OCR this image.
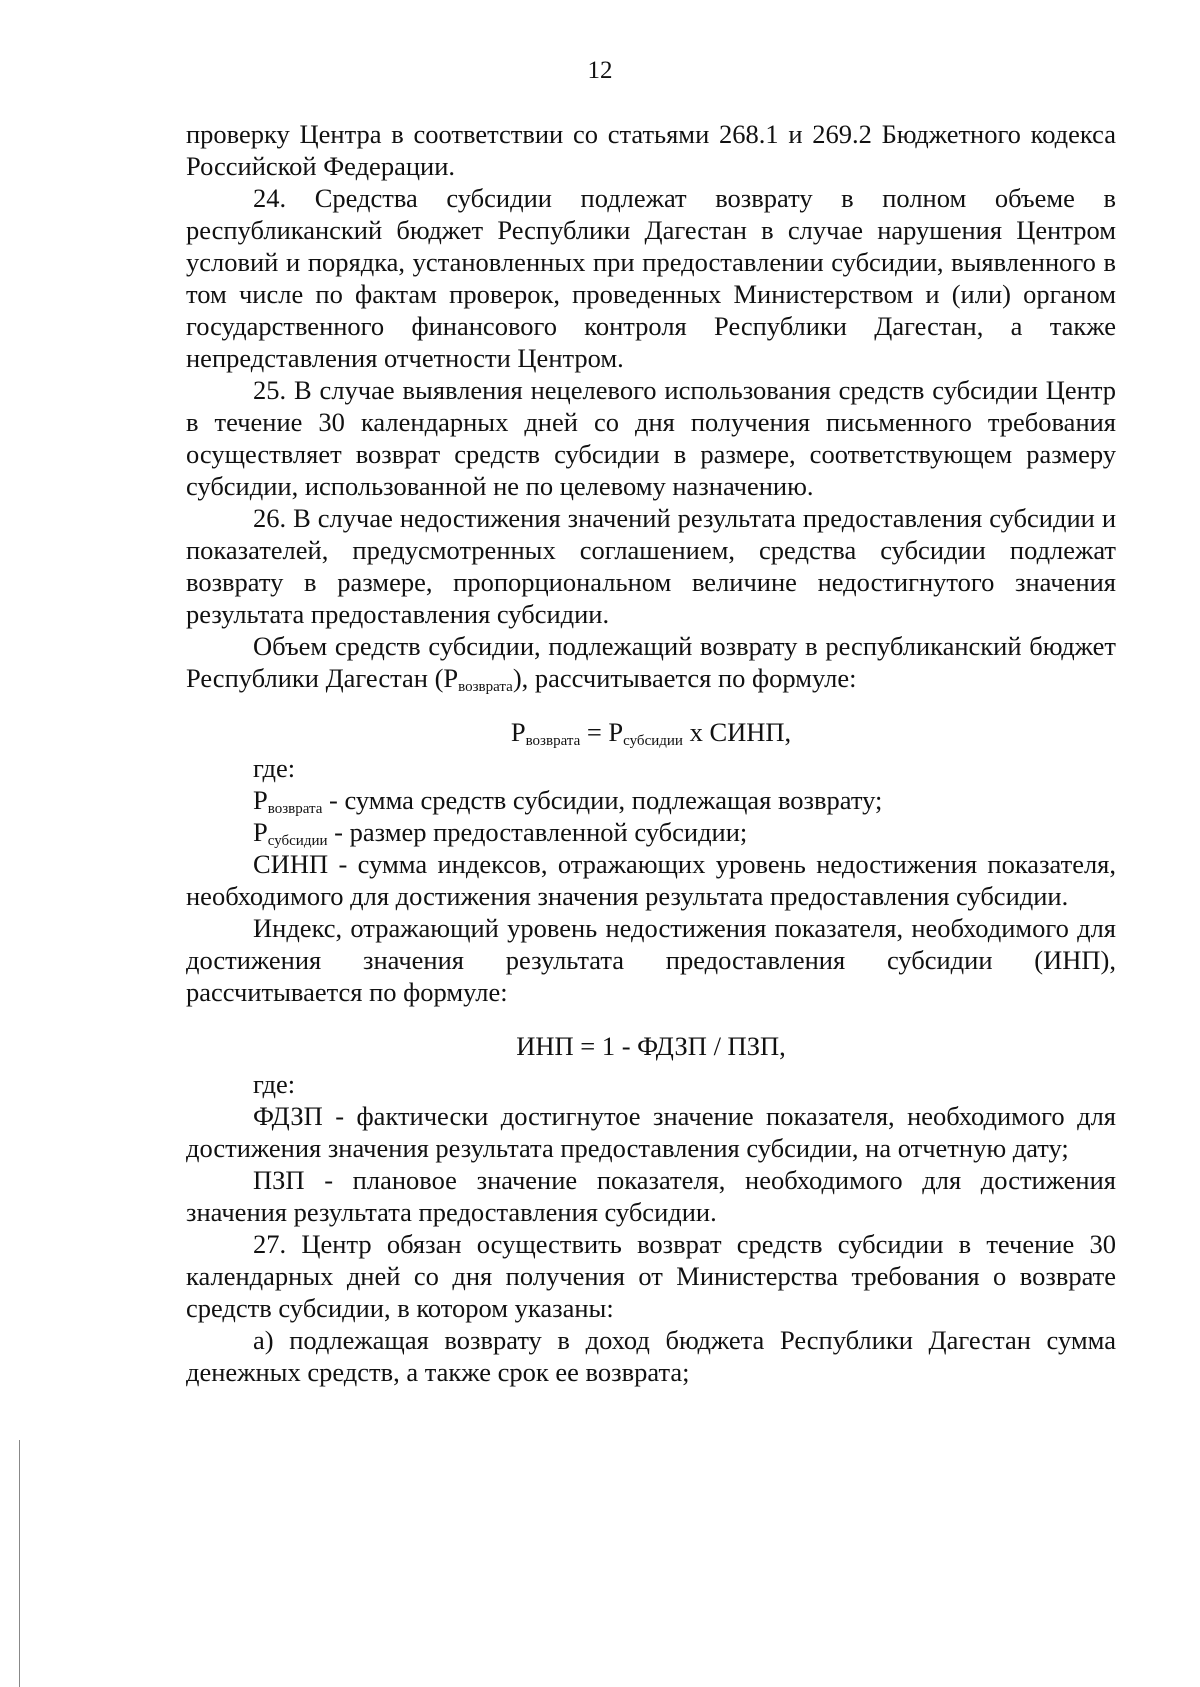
12

проверку Центра в соответствии со статьями 268.1 и 269.2 Бюджетного кодекса Российской Федерации.

24. Средства субсидии подлежат возврату в полном объеме в республиканский бюджет Республики Дагестан в случае нарушения Центром условий и порядка, установленных при предоставлении субсидии, выявленного в том числе по фактам проверок, проведенных Министерством и (или) органом государственного финансового контроля Республики Дагестан, а также непредставления отчетности Центром.

25. В случае выявления нецелевого использования средств субсидии Центр в течение 30 календарных дней со дня получения письменного требования осуществляет возврат средств субсидии в размере, соответствующем размеру субсидии, использованной не по целевому назначению.

26. В случае недостижения значений результата предоставления субсидии и показателей, предусмотренных соглашением, средства субсидии подлежат возврату в размере, пропорциональном величине недостигнутого значения результата предоставления субсидии.

Объем средств субсидии, подлежащий возврату в республиканский бюджет Республики Дагестан $(Р_{возврата})$, рассчитывается по формуле:

$Р_{возврата} = Р_{субсидии}$ х СИНП,

где:

$Р_{возврата}$ - сумма средств субсидии, подлежащая возврату;

$Р_{субсидии}$ - размер предоставленной субсидии;

СИНП - сумма индексов, отражающих уровень недостижения показателя, необходимого для достижения значения результата предоставления субсидии.

Индекс, отражающий уровень недостижения показателя, необходимого для достижения значения результата предоставления субсидии (ИНП), рассчитывается по формуле:

ИНП = 1 - ФДЗП / ПЗП,

где:

ФДЗП - фактически достигнутое значение показателя, необходимого для достижения значения результата предоставления субсидии, на отчетную дату;

ПЗП - плановое значение показателя, необходимого для достижения значения результата предоставления субсидии.

27. Центр обязан осуществить возврат средств субсидии в течение 30 календарных дней со дня получения от Министерства требования о возврате средств субсидии, в котором указаны:

а) подлежащая возврату в доход бюджета Республики Дагестан сумма денежных средств, а также срок ее возврата;
